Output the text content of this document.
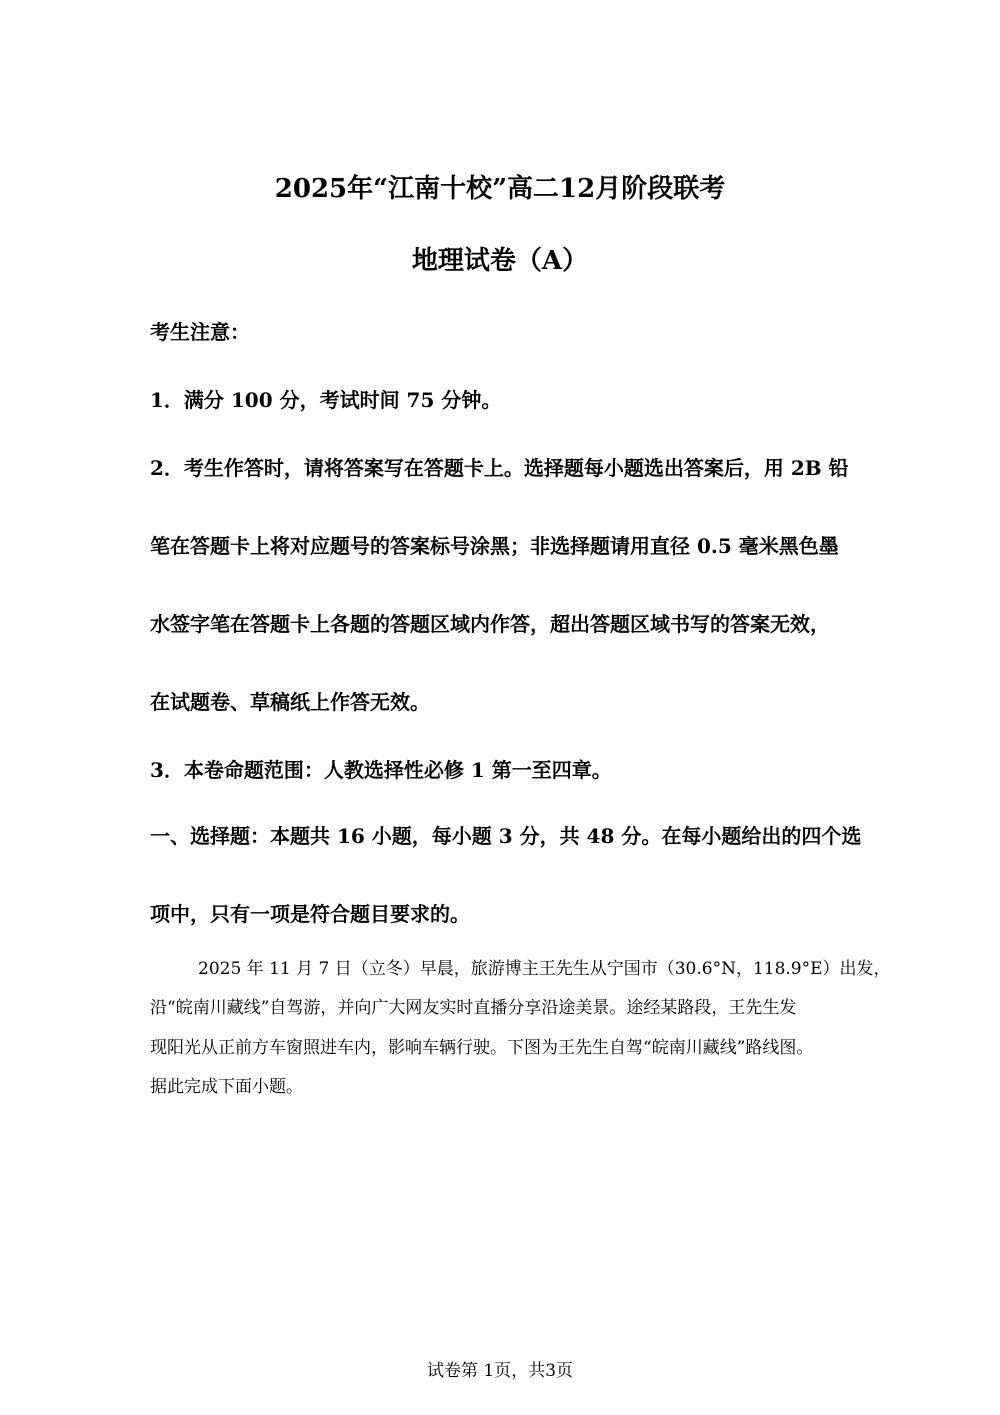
2025年“江南十校”高二12月阶段联考
地理试卷（A）
考生注意：
1．满分 100 分，考试时间 75 分钟。
2．考生作答时，请将答案写在答题卡上。选择题每小题选出答案后，用 2B 铅
笔在答题卡上将对应题号的答案标号涂黑；非选择题请用直径 0.5 毫米黑色墨
水签字笔在答题卡上各题的答题区域内作答，超出答题区域书写的答案无效，
在试题卷、草稿纸上作答无效。
3．本卷命题范围：人教选择性必修 1 第一至四章。
一、选择题：本题共 16 小题，每小题 3 分，共 48 分。在每小题给出的四个选
项中，只有一项是符合题目要求的。
2025 年 11 月 7 日（立冬）早晨，旅游博主王先生从宁国市（30.6°N，118.9°E）出发，
沿“皖南川藏线”自驾游，并向广大网友实时直播分享沿途美景。途经某路段，王先生发
现阳光从正前方车窗照进车内，影响车辆行驶。下图为王先生自驾“皖南川藏线”路线图。
据此完成下面小题。
试卷第 1页，共3页
